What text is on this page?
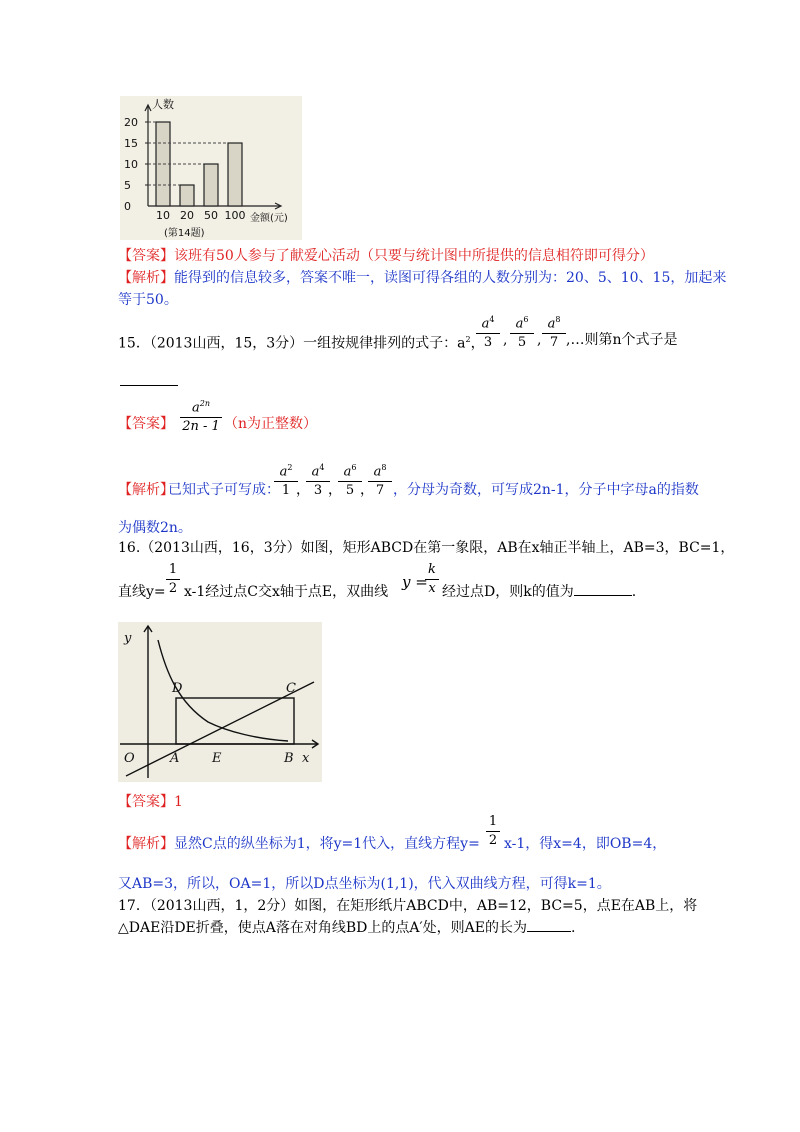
人数
金额(元)
20
15
10
5
0
10 20 50 100
(第14题)
【答案】该班有50人参与了献爱心活动（只要与统计图中所提供的信息相符即可得分）
【解析】能得到的信息较多，答案不唯一，读图可得各组的人数分别为：20、5、10、15，加起来
等于50。
15．（2013山西，15，3分）一组按规律排列的式子：$a^2$，
$a^4$
3 ,
$a^6$
5 ,
$a^8$
7 ,…则第n个式子是
【答案】
$a^{2n}$
2n - 1 （n为正整数）
【解析】
已知式子可写成：
$a^2$
1 ，
$a^4$
3 ，
$a^6$
5 ，
$a^8$
7 ，分母为奇数，可写成2n-1，分子中字母a的指数
为偶数2n。
16.（2013山西，16，3分）如图，矩形ABCD在第一象限，AB在x轴正半轴上，AB=3，BC=1，
直线y=
1
2 x-1经过点C交x轴于点E，双曲线
y =
k
x 经过点D，则k的值为	.
y
D	C
O	A	E	B x
【答案】1
【解析】显然C点的纵坐标为1，将y=1代入，直线方程y=
1
2 x-1，得x=4，即OB=4，
又AB=3，所以，OA=1，所以D点坐标为(1,1)，代入双曲线方程，可得k=1。
17．（2013山西，1，2分）如图，在矩形纸片ABCD中，AB=12，BC=5，点E在AB上，将
△DAE沿DE折叠，使点A落在对角线BD上的点A′处，则AE的长为	.
